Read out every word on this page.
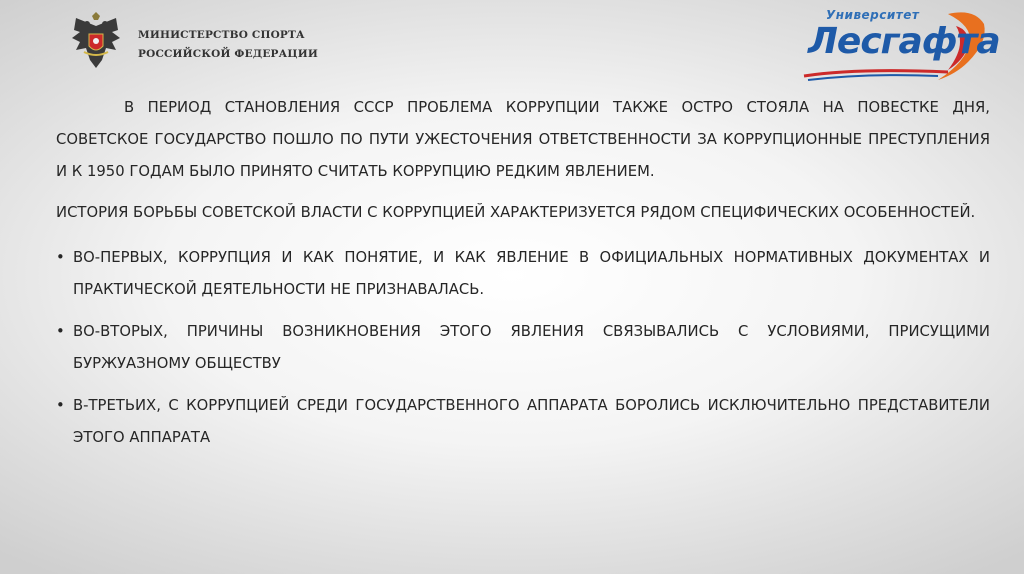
МИНИСТЕРСТВО СПОРТА
РОССИЙСКОЙ ФЕДЕРАЦИИ
Университет
Лесгафта

В ПЕРИОД СТАНОВЛЕНИЯ СССР ПРОБЛЕМА КОРРУПЦИИ ТАКЖЕ ОСТРО СТОЯЛА НА ПОВЕСТКЕ ДНЯ, СОВЕТСКОЕ ГОСУДАРСТВО ПОШЛО ПО ПУТИ УЖЕСТОЧЕНИЯ ОТВЕТСТВЕННОСТИ ЗА КОРРУПЦИОННЫЕ ПРЕСТУПЛЕНИЯ И К 1950 ГОДАМ БЫЛО ПРИНЯТО СЧИТАТЬ КОРРУПЦИЮ РЕДКИМ ЯВЛЕНИЕМ.

ИСТОРИЯ БОРЬБЫ СОВЕТСКОЙ ВЛАСТИ С КОРРУПЦИЕЙ ХАРАКТЕРИЗУЕТСЯ РЯДОМ СПЕЦИФИЧЕСКИХ ОСОБЕННОСТЕЙ.

• ВО-ПЕРВЫХ, КОРРУПЦИЯ И КАК ПОНЯТИЕ, И КАК ЯВЛЕНИЕ В ОФИЦИАЛЬНЫХ НОРМАТИВНЫХ ДОКУМЕНТАХ И ПРАКТИЧЕСКОЙ ДЕЯТЕЛЬНОСТИ НЕ ПРИЗНАВАЛАСЬ.
• ВО-ВТОРЫХ, ПРИЧИНЫ ВОЗНИКНОВЕНИЯ ЭТОГО ЯВЛЕНИЯ СВЯЗЫВАЛИСЬ С УСЛОВИЯМИ, ПРИСУЩИМИ БУРЖУАЗНОМУ ОБЩЕСТВУ
• В-ТРЕТЬИХ, С КОРРУПЦИЕЙ СРЕДИ ГОСУДАРСТВЕННОГО АППАРАТА БОРОЛИСЬ ИСКЛЮЧИТЕЛЬНО ПРЕДСТАВИТЕЛИ ЭТОГО АППАРАТА
